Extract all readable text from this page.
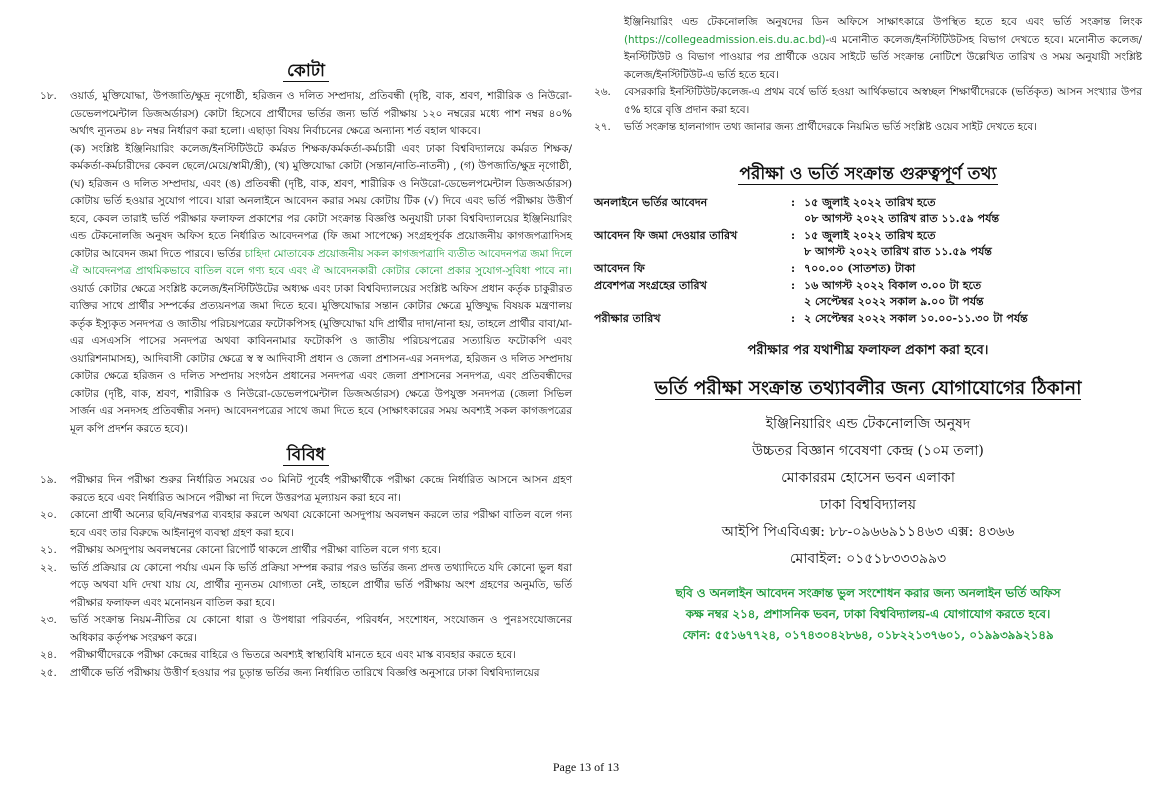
কোটা
১৮.	ওয়ার্ড, মুক্তিযোদ্ধা, উপজাতি/ক্ষুদ্র নৃগোষ্ঠী, হরিজন ও দলিত সম্প্রদায়, প্রতিবন্ধী (দৃষ্টি, বাক, শ্রবণ, শারীরিক ও নিউরো-ডেভেলপমেন্টাল ডিজঅর্ডারস) কোটা হিসেবে প্রার্থীদের ভর্তির জন্য ভর্তি পরীক্ষায় ১২০ নম্বরের মধ্যে পাশ নম্বর ৪০% অর্থাৎ ন্যূনতম ৪৮ নম্বর নির্ধারণ করা হলো। এছাড়া বিষয় নির্বাচনের ক্ষেত্রে অন্যান্য শর্ত বহাল থাকবে।

(ক) সংশ্লিষ্ট ইঞ্জিনিয়ারিং কলেজ/ইনস্টিটিউটে কর্মরত শিক্ষক/কর্মকর্তা-কর্মচারী এবং ঢাকা বিশ্ববিদ্যালয়ে কর্মরত শিক্ষক/কর্মকর্তা-কর্মচারীদের কেবল ছেলে/মেয়ে/স্বামী/স্ত্রী), (খ) মুক্তিযোদ্ধা কোটা (সন্তান/নাতি-নাতনী) , (গ) উপজাতি/ক্ষুদ্র নৃগোষ্ঠী, (ঘ) হরিজন ও দলিত সম্প্রদায়, এবং (ঙ) প্রতিবন্ধী (দৃষ্টি, বাক, শ্রবণ, শারীরিক ও নিউরো-ডেভেলপমেন্টাল ডিজঅর্ডারস) কোটায় ভর্তি হওয়ার সুযোগ পাবে। যারা অনলাইনে আবেদন করার সময় কোটায় টিক (√) দিবে এবং ভর্তি পরীক্ষায় উত্তীর্ণ হবে, কেবল তারাই ভর্তি পরীক্ষার ফলাফল প্রকাশের পর কোটা সংক্রান্ত বিজ্ঞপ্তি অনুযায়ী ঢাকা বিশ্ববিদ্যালয়ের ইঞ্জিনিয়ারিং এন্ড টেকনোলজি অনুষদ অফিস হতে নির্ধারিত আবেদনপত্র (ফি জমা সাপেক্ষে) সংগ্রহপূর্বক প্রয়োজনীয় কাগজপত্রাদিসহ কোটার আবেদন জমা দিতে পারবে। ভর্তির চাহিদা মোতাবেক প্রয়োজনীয় সকল কাগজপত্রাদি ব্যতীত আবেদনপত্র জমা দিলে ঐ আবেদনপত্র প্রাথমিকভাবে বাতিল বলে গণ্য হবে এবং ঐ আবেদনকারী কোটার কোনো প্রকার সুযোগ-সুবিধা পাবে না। ওয়ার্ড কোটার ক্ষেত্রে সংশ্লিষ্ট কলেজ/ইনস্টিটিউটের অধ্যক্ষ এবং ঢাকা বিশ্ববিদ্যালয়ের সংশ্লিষ্ট অফিস প্রধান কর্তৃক চাকুরীরত ব্যক্তির সাথে প্রার্থীর সম্পর্কের প্রত্যয়নপত্র জমা দিতে হবে। মুক্তিযোদ্ধার সন্তান কোটার ক্ষেত্রে মুক্তিযুদ্ধ বিষয়ক মন্ত্রণালয় কর্তৃক ইস্যুকৃত সনদপত্র ও জাতীয় পরিচয়পত্রের ফটোকপিসহ (মুক্তিযোদ্ধা যদি প্রার্থীর দাদা/নানা হয়, তাহলে প্রার্থীর বাবা/মা-এর এসএসসি পাসের সনদপত্র অথবা কাবিননামার ফটোকপি ও জাতীয় পরিচয়পত্রের সত্যায়িত ফটোকপি এবং ওয়ারিশনামাসহ), আদিবাসী কোটার ক্ষেত্রে স্ব স্ব আদিবাসী প্রধান ও জেলা প্রশাসন-এর সনদপত্র, হরিজন ও দলিত সম্প্রদায় কোটার ক্ষেত্রে হরিজন ও দলিত সম্প্রদায় সংগঠন প্রধানের সনদপত্র এবং জেলা প্রশাসনের সনদপত্র, এবং প্রতিবন্ধীদের কোটার (দৃষ্টি, বাক, শ্রবণ, শারীরিক ও নিউরো-ডেভেলপমেন্টাল ডিজঅর্ডারস) ক্ষেত্রে উপযুক্ত সনদপত্র (জেলা সিভিল সার্জন এর সনদসহ প্রতিবন্ধীর সনদ) আবেদনপত্রের সাথে জমা দিতে হবে (সাক্ষাৎকারের সময় অবশ্যই সকল কাগজপত্রের মূল কপি প্রদর্শন করতে হবে)।

বিবিধ
১৯.	পরীক্ষার দিন পরীক্ষা শুরুর নির্ধারিত সময়ের ৩০ মিনিট পূর্বেই পরীক্ষার্থীকে পরীক্ষা কেন্দ্রে নির্ধারিত আসনে আসন গ্রহণ করতে হবে এবং নির্ধারিত আসনে পরীক্ষা না দিলে উত্তরপত্র মূল্যায়ন করা হবে না।

২০.	কোনো প্রার্থী অন্যের ছবি/নম্বরপত্র ব্যবহার করলে অথবা যেকোনো অসদুপায় অবলম্বন করলে তার পরীক্ষা বাতিল বলে গন্য হবে এবং তার বিরুদ্ধে আইনানুগ ব্যবস্থা গ্রহণ করা হবে।

২১.	পরীক্ষায় অসদুপায় অবলম্বনের কোনো রিপোর্ট থাকলে প্রার্থীর পরীক্ষা বাতিল বলে গণ্য হবে।

২২.	ভর্তি প্রক্রিয়ার যে কোনো পর্যায় এমন কি ভর্তি প্রক্রিয়া সম্পন্ন করার পরও ভর্তির জন্য প্রদত্ত তথ্যাদিতে যদি কোনো ভুল ধরা পড়ে অথবা যদি দেখা যায় যে, প্রার্থীর ন্যূনতম যোগ্যতা নেই, তাহলে প্রার্থীর ভর্তি পরীক্ষায় অংশ গ্রহণের অনুমতি, ভর্তি পরীক্ষার ফলাফল এবং মনোনয়ন বাতিল করা হবে।

২৩.	ভর্তি সংক্রান্ত নিয়ম-নীতির যে কোনো ধারা ও উপধারা পরিবর্তন, পরিবর্ধন, সংশোধন, সংযোজন ও পুনঃসংযোজনের অধিকার কর্তৃপক্ষ সংরক্ষণ করে।

২৪.	পরীক্ষার্থীদেরকে পরীক্ষা কেন্দ্রের বাহিরে ও ভিতরে অবশ্যই স্বাস্থ্যবিধি মানতে হবে এবং মাস্ক ব্যবহার করতে হবে।

২৫.	প্রার্থীকে ভর্তি পরীক্ষায় উত্তীর্ণ হওয়ার পর চূড়ান্ত ভর্তির জন্য নির্ধারিত তারিখে বিজ্ঞপ্তি অনুসারে ঢাকা বিশ্ববিদ্যালয়ের

ইঞ্জিনিয়ারিং এন্ড টেকনোলজি অনুষদের ডিন অফিসে সাক্ষাৎকারে উপস্থিত হতে হবে এবং ভর্তি সংক্রান্ত লিংক (https://collegeadmission.eis.du.ac.bd)-এ মনোনীত কলেজ/ইনস্টিটিউটসহ বিভাগ দেখতে হবে। মনোনীত কলেজ/ইনস্টিটিউট ও বিভাগ পাওয়ার পর প্রার্থীকে ওয়েব সাইটে ভর্তি সংক্রান্ত নোটিশে উল্লেখিত তারিখ ও সময় অনুযায়ী সংশ্লিষ্ট কলেজ/ইনস্টিটিউট-এ ভর্তি হতে হবে।

২৬.	বেসরকারি ইনস্টিটিউট/কলেজ-এ প্রথম বর্ষে ভর্তি হওয়া আর্থিকভাবে অস্বচ্ছল শিক্ষার্থীদেরকে (ভর্তিকৃত) আসন সংখ্যার উপর ৫% হারে বৃত্তি প্রদান করা হবে।

২৭.	ভর্তি সংক্রান্ত হালনাগাদ তথ্য জানার জন্য প্রার্থীদেরকে নিয়মিত ভর্তি সংশ্লিষ্ট ওয়েব সাইট দেখতে হবে।

পরীক্ষা ও ভর্তি সংক্রান্ত গুরুত্বপূর্ণ তথ্য
অনলাইনে ভর্তির আবেদন	: ১৫ জুলাই ২০২২ তারিখ হতে
০৮ আগস্ট ২০২২ তারিখ রাত ১১.৫৯ পর্যন্ত
আবেদন ফি জমা দেওয়ার তারিখ	: ১৫ জুলাই ২০২২ তারিখ হতে
৮ আগস্ট ২০২২ তারিখ রাত ১১.৫৯ পর্যন্ত
আবেদন ফি	: ৭০০.০০ (সাতশত) টাকা
প্রবেশপত্র সংগ্রহের তারিখ	: ১৬ আগস্ট ২০২২ বিকাল ৩.০০ টা হতে
২ সেপ্টেম্বর ২০২২ সকাল ৯.০০ টা পর্যন্ত
পরীক্ষার তারিখ	: ২ সেপ্টেম্বর ২০২২ সকাল ১০.০০-১১.৩০ টা পর্যন্ত
পরীক্ষার পর যথাশীঘ্র ফলাফল প্রকাশ করা হবে।
ভর্তি পরীক্ষা সংক্রান্ত তথ্যাবলীর জন্য যোগাযোগের ঠিকানা
ইঞ্জিনিয়ারিং এন্ড টেকনোলজি অনুষদ
উচ্চতর বিজ্ঞান গবেষণা কেন্দ্র (১০ম তলা)
মোকাররম হোসেন ভবন এলাকা
ঢাকা বিশ্ববিদ্যালয়
আইপি পিএবিএক্স: ৮৮-০৯৬৬৯১১৪৬৩ এক্স: ৪৩৬৬
মোবাইল: ০১৫১৮৩৩৩৯৯৩
ছবি ও অনলাইন আবেদন সংক্রান্ত ভুল সংশোধন করার জন্য অনলাইন ভর্তি অফিস
কক্ষ নম্বর ২১৪, প্রশাসনিক ভবন, ঢাকা বিশ্ববিদ্যালয়-এ যোগাযোগ করতে হবে।
ফোন: ৫৫১৬৭৭২৪, ০১৭৪৩০৪২৮৬৪, ০১৮২২১৩৭৬০১, ০১৯৯৩৯৯২১৪৯
Page 13 of 13
